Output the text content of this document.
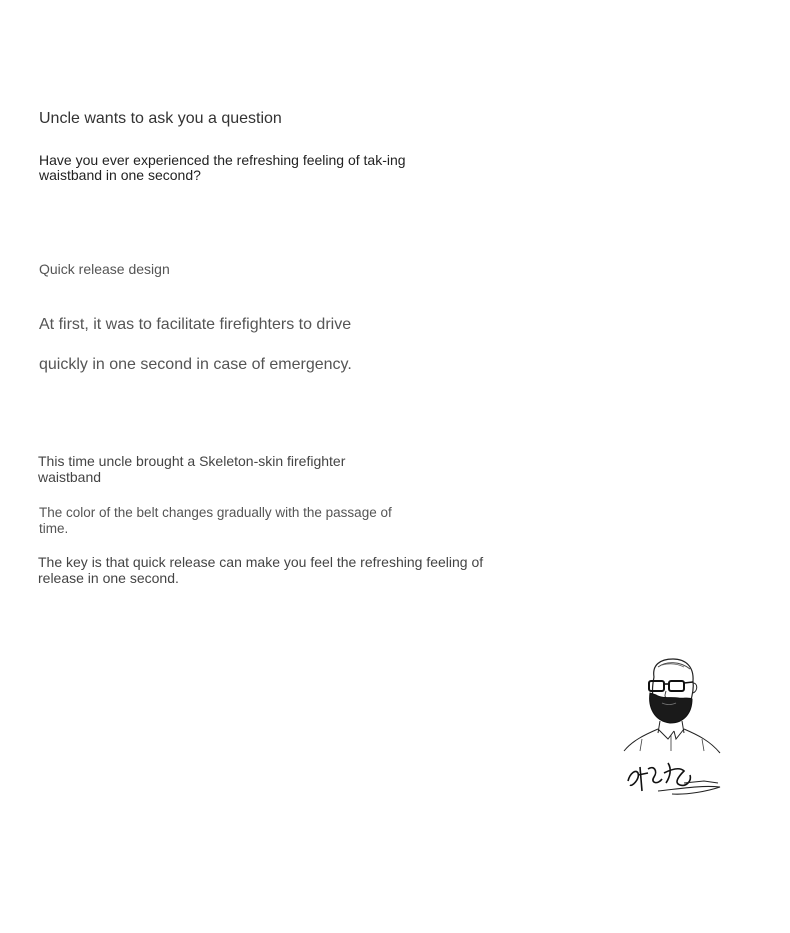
Uncle wants to ask you a question

Have you ever experienced the refreshing feeling of tak-ing waistband in one second?

Quick release design

At first, it was to facilitate firefighters to drive

quickly in one second in case of emergency.

This time uncle brought a Skeleton-skin firefighter waistband

The color of the belt changes gradually with the passage of time.

The key is that quick release can make you feel the refreshing feeling of release in one second.
